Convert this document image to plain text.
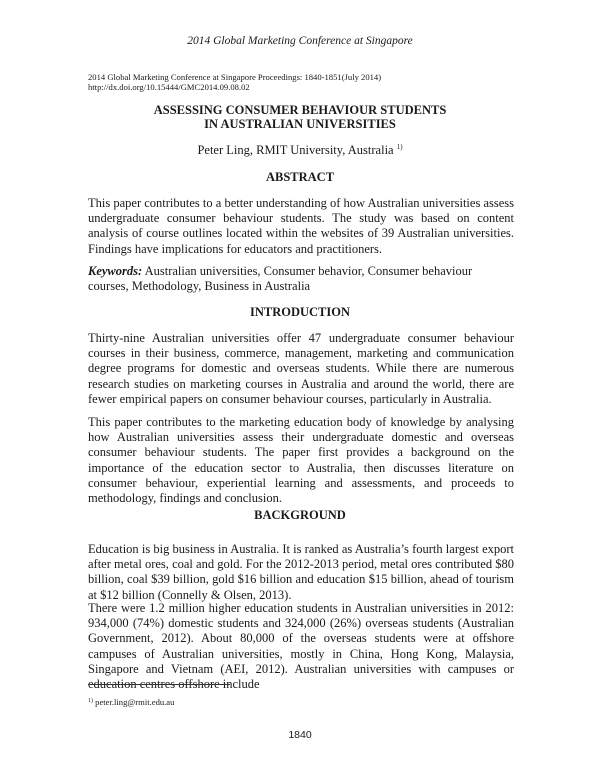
2014 Global Marketing Conference at Singapore
2014 Global Marketing Conference at Singapore Proceedings: 1840-1851(July 2014)
http://dx.doi.org/10.15444/GMC2014.09.08.02
ASSESSING CONSUMER BEHAVIOUR STUDENTS
IN AUSTRALIAN UNIVERSITIES
Peter Ling, RMIT University, Australia $^{1)}$
ABSTRACT
This paper contributes to a better understanding of how Australian universities assess undergraduate consumer behaviour students. The study was based on content analysis of course outlines located within the websites of 39 Australian universities. Findings have implications for educators and practitioners.
Keywords: Australian universities, Consumer behavior, Consumer behaviour courses, Methodology, Business in Australia
INTRODUCTION
Thirty-nine Australian universities offer 47 undergraduate consumer behaviour courses in their business, commerce, management, marketing and communication degree programs for domestic and overseas students. While there are numerous research studies on marketing courses in Australia and around the world, there are fewer empirical papers on consumer behaviour courses, particularly in Australia.
This paper contributes to the marketing education body of knowledge by analysing how Australian universities assess their undergraduate domestic and overseas consumer behaviour students. The paper first provides a background on the importance of the education sector to Australia, then discusses literature on consumer behaviour, experiential learning and assessments, and proceeds to methodology, findings and conclusion.
BACKGROUND
Education is big business in Australia. It is ranked as Australia’s fourth largest export after metal ores, coal and gold. For the 2012-2013 period, metal ores contributed $80 billion, coal $39 billion, gold $16 billion and education $15 billion, ahead of tourism at $12 billion (Connelly & Olsen, 2013).
There were 1.2 million higher education students in Australian universities in 2012: 934,000 (74%) domestic students and 324,000 (26%) overseas students (Australian Government, 2012). About 80,000 of the overseas students were at offshore campuses of Australian universities, mostly in China, Hong Kong, Malaysia, Singapore and Vietnam (AEI, 2012). Australian universities with campuses or education centres offshore include
$^{1)}$ peter.ling@rmit.edu.au
1840
